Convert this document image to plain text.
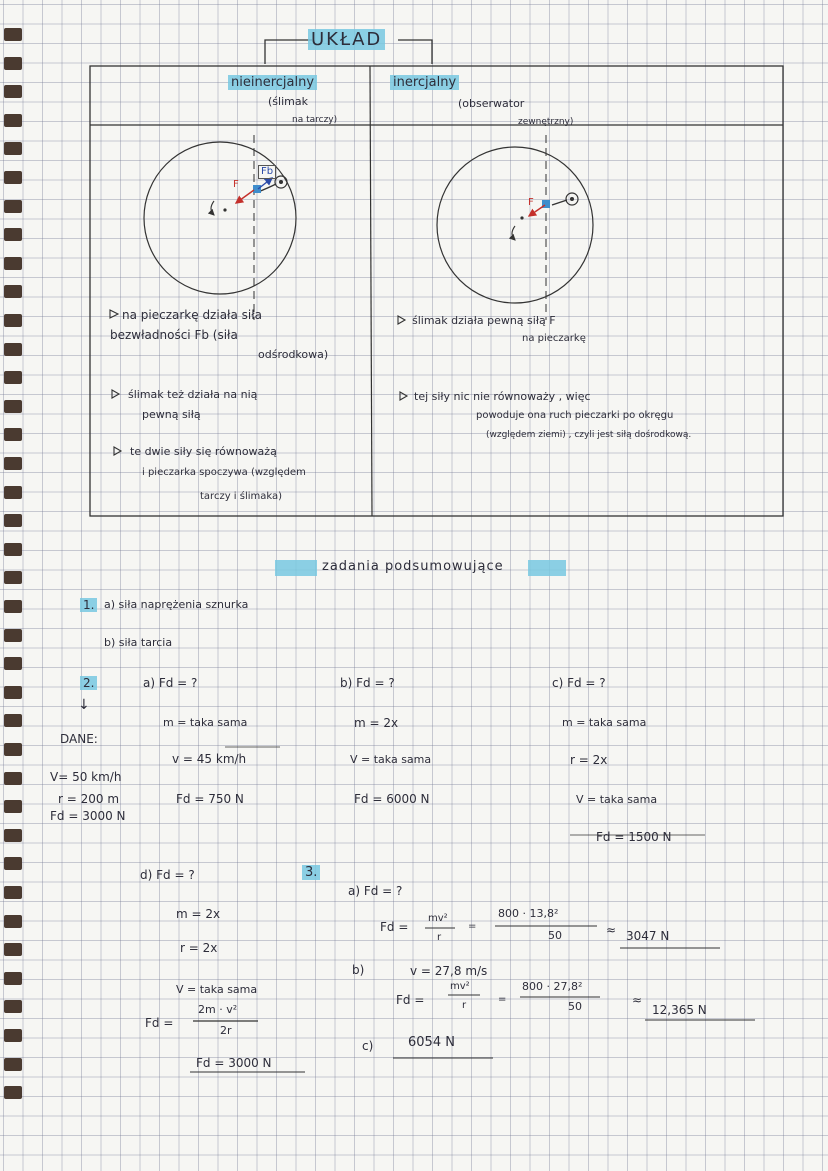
UKŁAD
nieinercjalny
(ślimak
na tarczy)
inercjalny
(obserwator
zewnętrzny)
Fb
F
F
na pieczarkę działa siła
bezwładności Fb (siła
odśrodkowa)
ślimak też działa na nią
pewną siłą
te dwie siły się równoważą
i pieczarka spoczywa (względem
tarczy i ślimaka)
ślimak działa pewną siłą F
na pieczarkę
tej siły nic nie równoważy , więc
powoduje ona ruch pieczarki po okręgu
(względem ziemi) , czyli jest siłą dośrodkową.
zadania podsumowujące
1. a) siła naprężenia sznurka
b) siła tarcia
2.
↓
DANE:
V= 50 km/h
r = 200 m
Fd = 3000 N
a) Fd = ?
m = taka sama
v = 45 km/h
Fd = 750 N
b) Fd = ?
m = 2x
V = taka sama
Fd = 6000 N
c) Fd = ?
m = taka sama
r = 2x
V = taka sama
Fd = 1500 N
d) Fd = ?
m = 2x
r = 2x
V = taka sama
Fd =
2m · v²
2r
Fd = 3000 N
3.
a) Fd = ?
Fd =
mv²
r
=
800 · 13,8²
50	≈ 3047 N
b)	v = 27,8 m/s
Fd =
mv²
r
=
800 · 27,8²
50	≈
12,365 N
c)	6054 N
